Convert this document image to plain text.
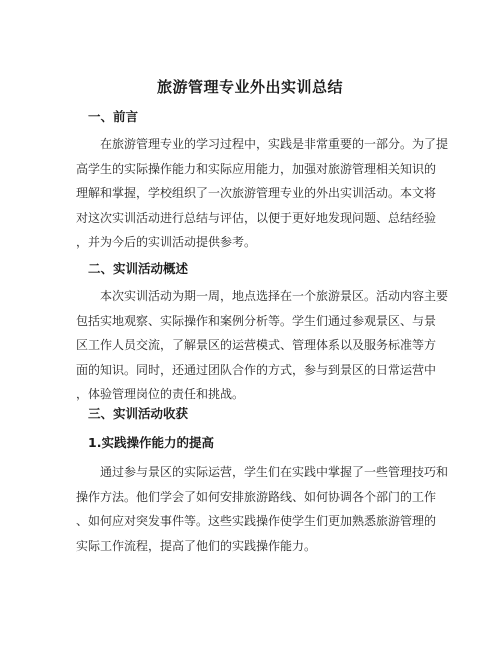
旅游管理专业外出实训总结
一、前言
在旅游管理专业的学习过程中，实践是非常重要的一部分。为了提
高学生的实际操作能力和实际应用能力，加强对旅游管理相关知识的
理解和掌握，学校组织了一次旅游管理专业的外出实训活动。本文将
对这次实训活动进行总结与评估，以便于更好地发现问题、总结经验
，并为今后的实训活动提供参考。
二、实训活动概述
本次实训活动为期一周，地点选择在一个旅游景区。活动内容主要
包括实地观察、实际操作和案例分析等。学生们通过参观景区、与景
区工作人员交流，了解景区的运营模式、管理体系以及服务标准等方
面的知识。同时，还通过团队合作的方式，参与到景区的日常运营中
，体验管理岗位的责任和挑战。
三、实训活动收获
1.实践操作能力的提高
通过参与景区的实际运营，学生们在实践中掌握了一些管理技巧和
操作方法。他们学会了如何安排旅游路线、如何协调各个部门的工作
、如何应对突发事件等。这些实践操作使学生们更加熟悉旅游管理的
实际工作流程，提高了他们的实践操作能力。
